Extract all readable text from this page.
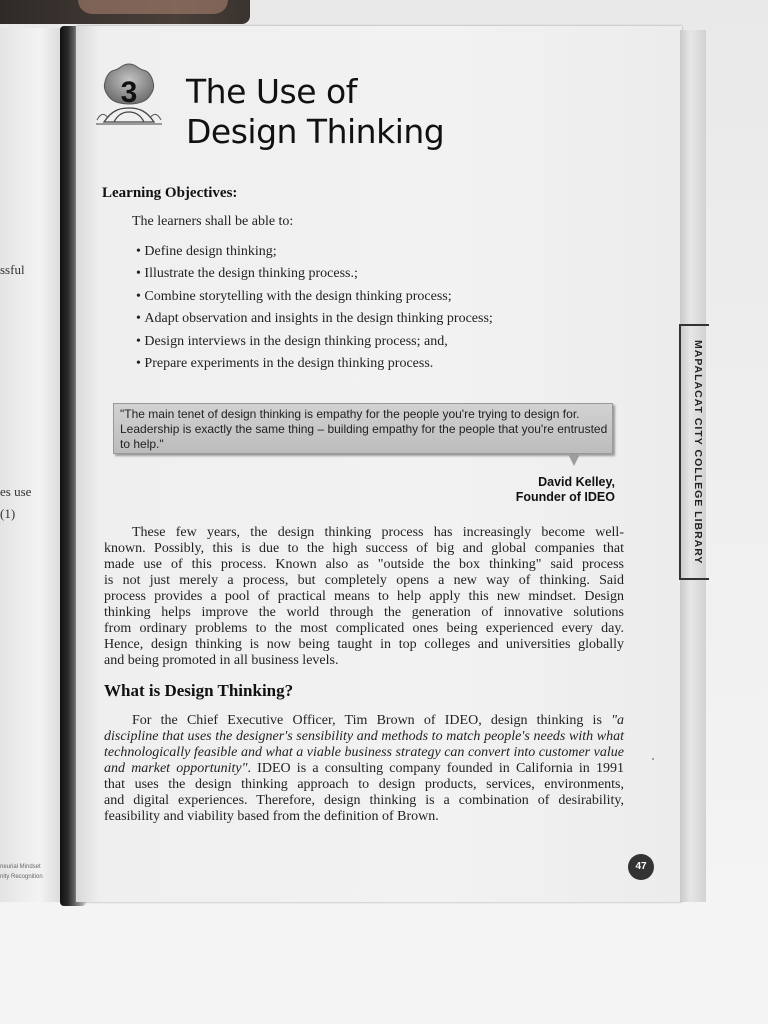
ssful
es use
(1)
neurial Mindset
nity Recognition
3	The Use of
Design Thinking
Learning Objectives:
The learners shall be able to:
• Define design thinking;
• Illustrate the design thinking process.;
• Combine storytelling with the design thinking process;
• Adapt observation and insights in the design thinking process;
• Design interviews in the design thinking process; and,
• Prepare experiments in the design thinking process.
"The main tenet of design thinking is empathy for the people you're trying to design for. Leadership is exactly the same thing – building empathy for the people that you're entrusted to help."
David Kelley,
Founder of IDEO
These few years, the design thinking process has increasingly become well-
known. Possibly, this is due to the high success of big and global companies that
made use of this process. Known also as "outside the box thinking" said process
is not just merely a process, but completely opens a new way of thinking. Said
process provides a pool of practical means to help apply this new mindset. Design
thinking helps improve the world through the generation of innovative solutions
from ordinary problems to the most complicated ones being experienced every day.
Hence, design thinking is now being taught in top colleges and universities globally
and being promoted in all business levels.
What is Design Thinking?
For the Chief Executive Officer, Tim Brown of IDEO, design thinking is "a
discipline that uses the designer's sensibility and methods to match people's needs with what
technologically feasible and what a viable business strategy can convert into customer value
and market opportunity". IDEO is a consulting company founded in California in 1991
that uses the design thinking approach to design products, services, environments,
and digital experiences. Therefore, design thinking is a combination of desirability,
feasibility and viability based from the definition of Brown.
MAPALACAT CITY COLLEGE LIBRARY
47
